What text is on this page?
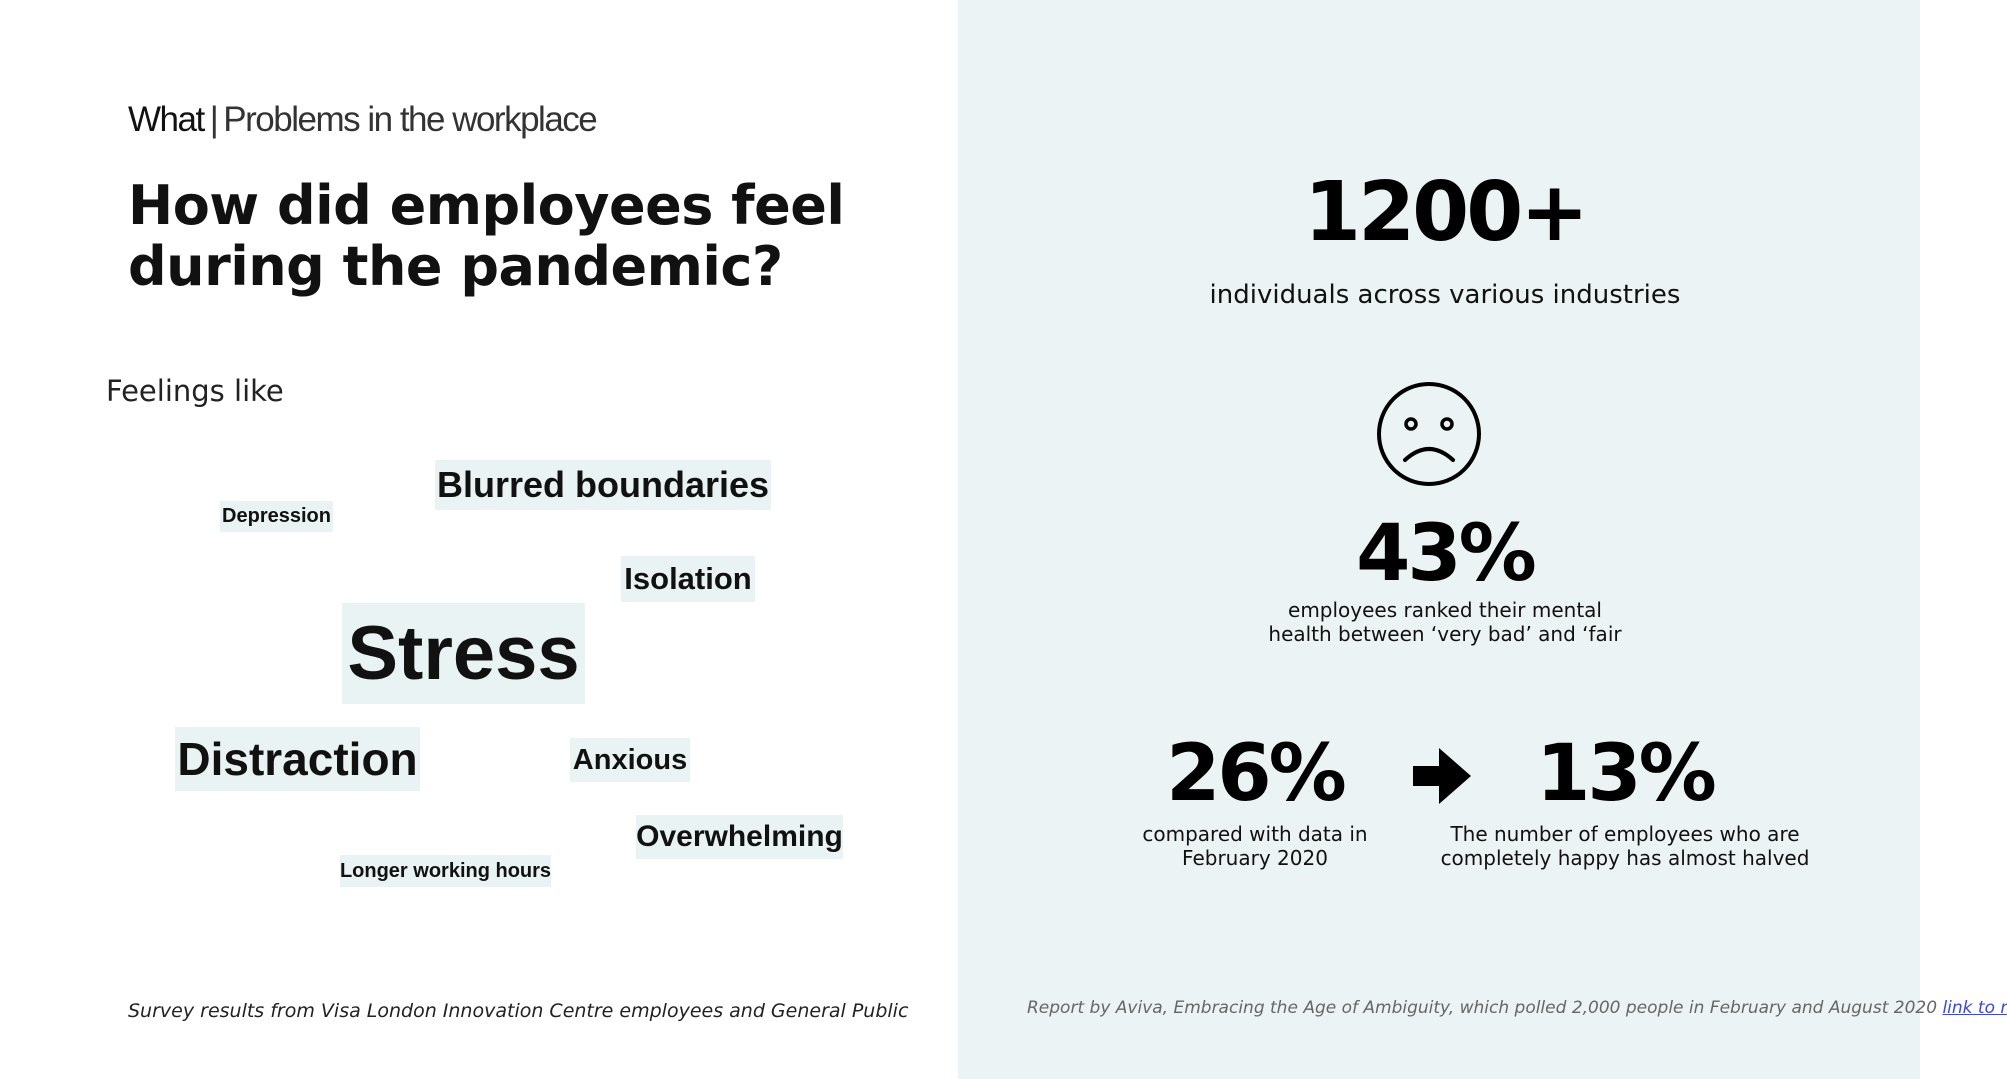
What | Problems in the workplace
How did employees feel during the pandemic?
Feelings like
Blurred boundaries
Depression
Isolation
Stress
Distraction	Anxious
Overwhelming
Longer working hours
Survey results from Visa London Innovation Centre employees and General Public
1200+
individuals across various industries
43%
employees ranked their mental
health between ‘very bad’ and ‘fair
26%
compared with data in
February 2020
13%
The number of employees who are
completely happy has almost halved
Report by Aviva, Embracing the Age of Ambiguity, which polled 2,000 people in February and August 2020 link to r
